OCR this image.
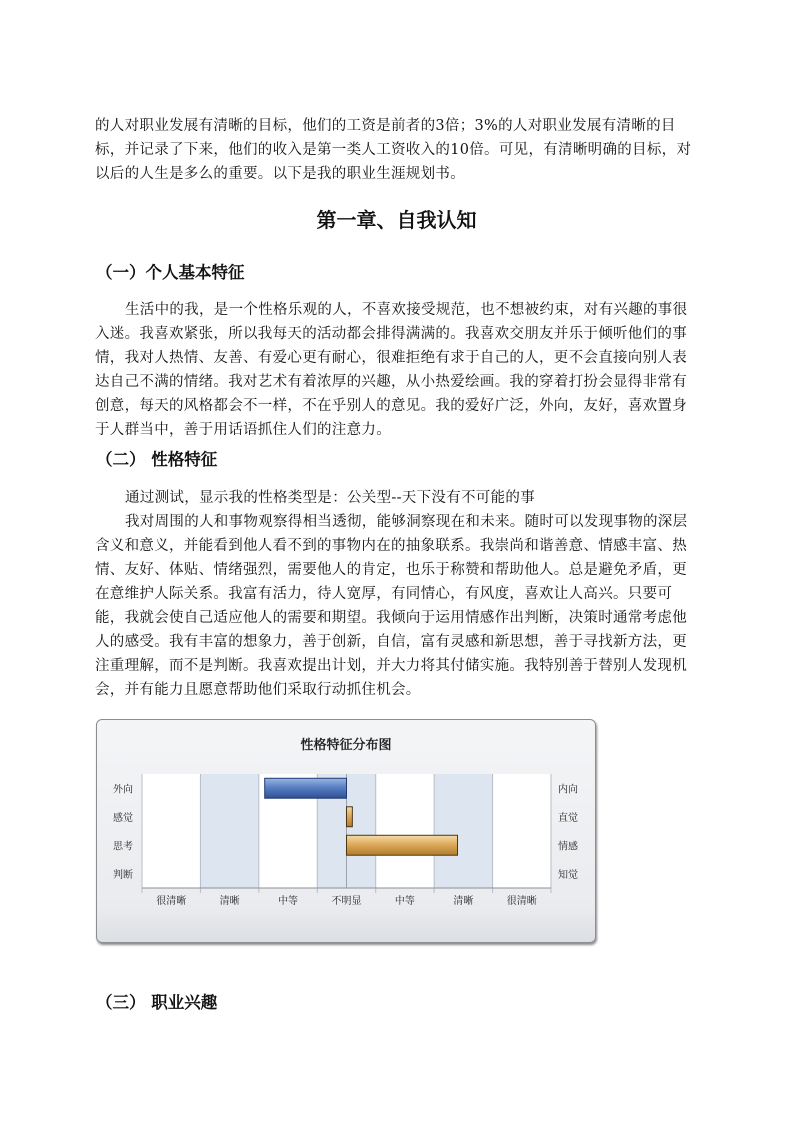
的人对职业发展有清晰的目标，他们的工资是前者的3倍；3%的人对职业发展有清晰的目标，并记录了下来，他们的收入是第一类人工资收入的10倍。可见，有清晰明确的目标，对以后的人生是多么的重要。以下是我的职业生涯规划书。

第一章、自我认知
（一）个人基本特征

生活中的我，是一个性格乐观的人，不喜欢接受规范，也不想被约束，对有兴趣的事很入迷。我喜欢紧张，所以我每天的活动都会排得满满的。我喜欢交朋友并乐于倾听他们的事情，我对人热情、友善、有爱心更有耐心，很难拒绝有求于自己的人，更不会直接向别人表达自己不满的情绪。我对艺术有着浓厚的兴趣，从小热爱绘画。我的穿着打扮会显得非常有创意，每天的风格都会不一样，不在乎别人的意见。我的爱好广泛，外向，友好，喜欢置身于人群当中，善于用话语抓住人们的注意力。

（二） 性格特征

通过测试，显示我的性格类型是：公关型--天下没有不可能的事

我对周围的人和事物观察得相当透彻，能够洞察现在和未来。随时可以发现事物的深层含义和意义，并能看到他人看不到的事物内在的抽象联系。我崇尚和谐善意、情感丰富、热情、友好、体贴、情绪强烈，需要他人的肯定，也乐于称赞和帮助他人。总是避免矛盾，更在意维护人际关系。我富有活力，待人宽厚，有同情心，有风度，喜欢让人高兴。只要可能，我就会使自己适应他人的需要和期望。我倾向于运用情感作出判断，决策时通常考虑他人的感受。我有丰富的想象力，善于创新，自信，富有灵感和新思想，善于寻找新方法，更注重理解，而不是判断。我喜欢提出计划，并大力将其付储实施。我特别善于替别人发现机会，并有能力且愿意帮助他们采取行动抓住机会。

性格特征分布图
外向
感觉
思考
判断
内向
直觉
情感
知觉
很清晰	清晰	中等	不明显	中等	清晰	很清晰
（三） 职业兴趣
